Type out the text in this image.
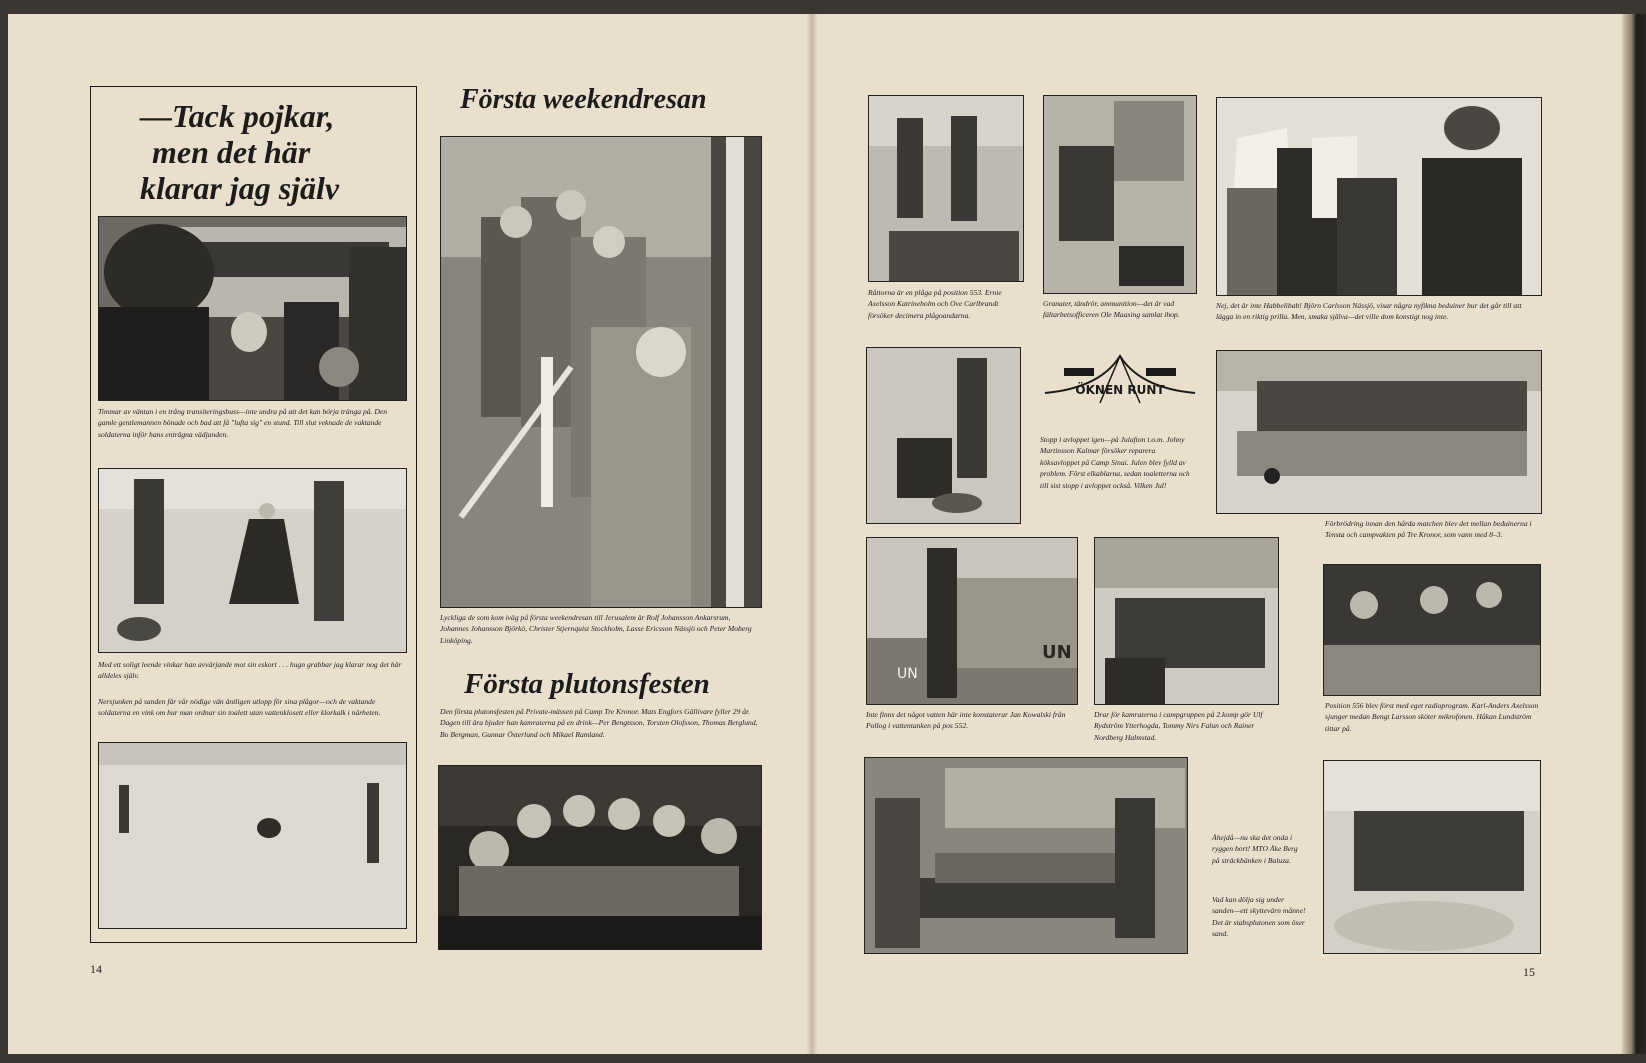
—Tack pojkar,
men det här
klarar jag själv

Timmar av väntan i en trång transiteringsbuss—inte undra på att det kan börja tränga på. Den gamle gentlemannen bönade och bad att få "lufta sig" en stund. Till slut veknade de vaktande soldaterna inför hans enträgna vädjanden.

Med ett soligt leende vinkar han avvärjande mot sin eskort . . . hugn grabbar jag klarar nog det här alldeles själv.

Nersjunken på sanden får vår nödige vän äntligen utlopp för sina plågor—och de vaktande soldaterna en vink om hur man ordnar sin toalett utan vattenklosett eller klorkalk i närheten.

Första weekendresan

Lyckliga de som kom iväg på första weekendresan till Jerusalem är Rolf Johansson Ankarsrum, Johannes Johansson Björkö, Christer Stjernquist Stockholm, Lasse Ericsson Nässjö och Peter Moberg Linköping.

Första plutonsfesten

Den första plutonsfesten på Private-mässen på Camp Tre Kronor. Mats Engfors Gällivare fyller 29 år. Dagen till ära bjuder han kamraterna på en drink—Per Bengtsson, Torsten Olofsson, Thomas Berglund, Bo Bergman, Gunnar Österlund och Mikael Ramland.

14

Råttorna är en plåga på position 553. Ernie Axelsson Katrineholm och Ove Carlbrandt försöker decimera plågoandarna.

Granater, tändrör, ammunition—det är vad fältarbetsofficeren Ole Maasing samlat ihop.

Nej, det är inte Habbelibab! Björn Carlsson Nässjö, visar några nyfikna beduiner hur det går till att lägga in en riktig prilla. Men, smaka själva—det ville dom konstigt nog inte.

ÖKNEN RUNT

Stopp i avloppet igen—på Julafton t.o.m. Johny Martinsson Kalmar försöker reparera köksavloppet på Camp Sinai. Julen blev fylld av problem. Först elkablarna, sedan toaletterna och till sist stopp i avloppet också. Vilken Jul!

Förbrödring innan den hårda matchen blev det mellan beduinerna i Tensta och campvakten på Tre Kronor, som vann med 8–3.

UN
UN

Inte finns det något vatten här inte konstaterar Jan Kowalski från Pollog i vattentanken på pos 552.

Drar för kamraterna i campgruppen på 2.komp gör Ulf Rydström Ytterhogda, Tommy Nirs Falun och Rainer Nordberg Halmstad.

Position 556 blev först med eget radioprogram. Karl-Anders Axelsson sjunger medan Bengt Larsson sköter mikrofonen. Håkan Lundström tittar på.

Åhejdå—nu ska det onda i ryggen bort! MTO Åke Berg på sträckbänken i Baluza.

Vad kan dölja sig under sanden—ett skyttevärn månne! Det är stabsplutonen som öser sand.

15
